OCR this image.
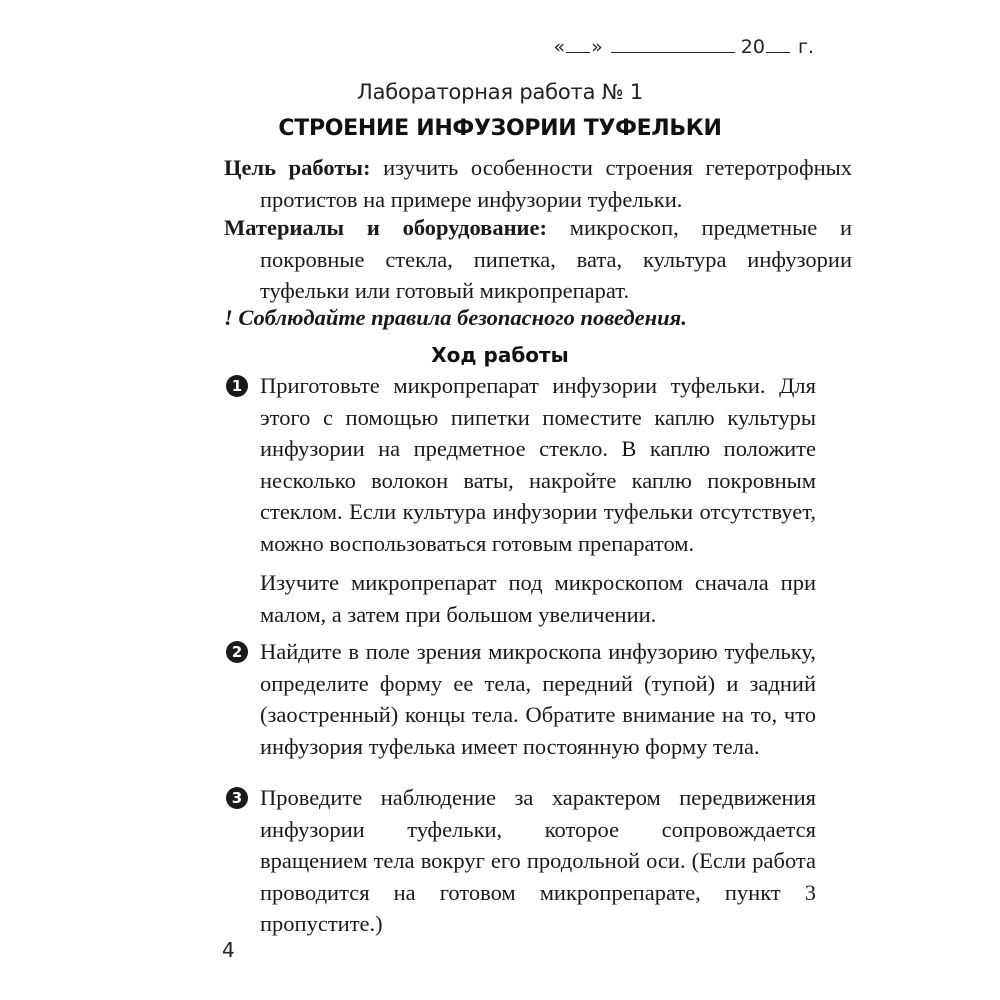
« »	20 г.
Лабораторная работа № 1
СТРОЕНИЕ ИНФУЗОРИИ ТУФЕЛЬКИ
Цель работы: изучить особенности строения гетеротрофных протистов на примере инфузории туфельки.
Материалы и оборудование: микроскоп, предметные и покровные стекла, пипетка, вата, культура инфузории туфельки или готовый микропрепарат.
! Соблюдайте правила безопасного поведения.
Ход работы
1 Приготовьте микропрепарат инфузории туфельки. Для этого с помощью пипетки поместите каплю культуры инфузории на предметное стекло. В каплю положите несколько волокон ваты, накройте каплю покровным стеклом. Если культура инфузории туфельки отсутствует, можно воспользоваться готовым препаратом.

Изучите микропрепарат под микроскопом сначала при малом, а затем при большом увеличении.

2 Найдите в поле зрения микроскопа инфузорию туфельку, определите форму ее тела, передний (тупой) и задний (заостренный) концы тела. Обратите внимание на то, что инфузория туфелька имеет постоянную форму тела.

3 Проведите наблюдение за характером передвижения инфузории туфельки, которое сопровождается вращением тела вокруг его продольной оси. (Если работа проводится на готовом микропрепарате, пункт 3 пропустите.)

4
